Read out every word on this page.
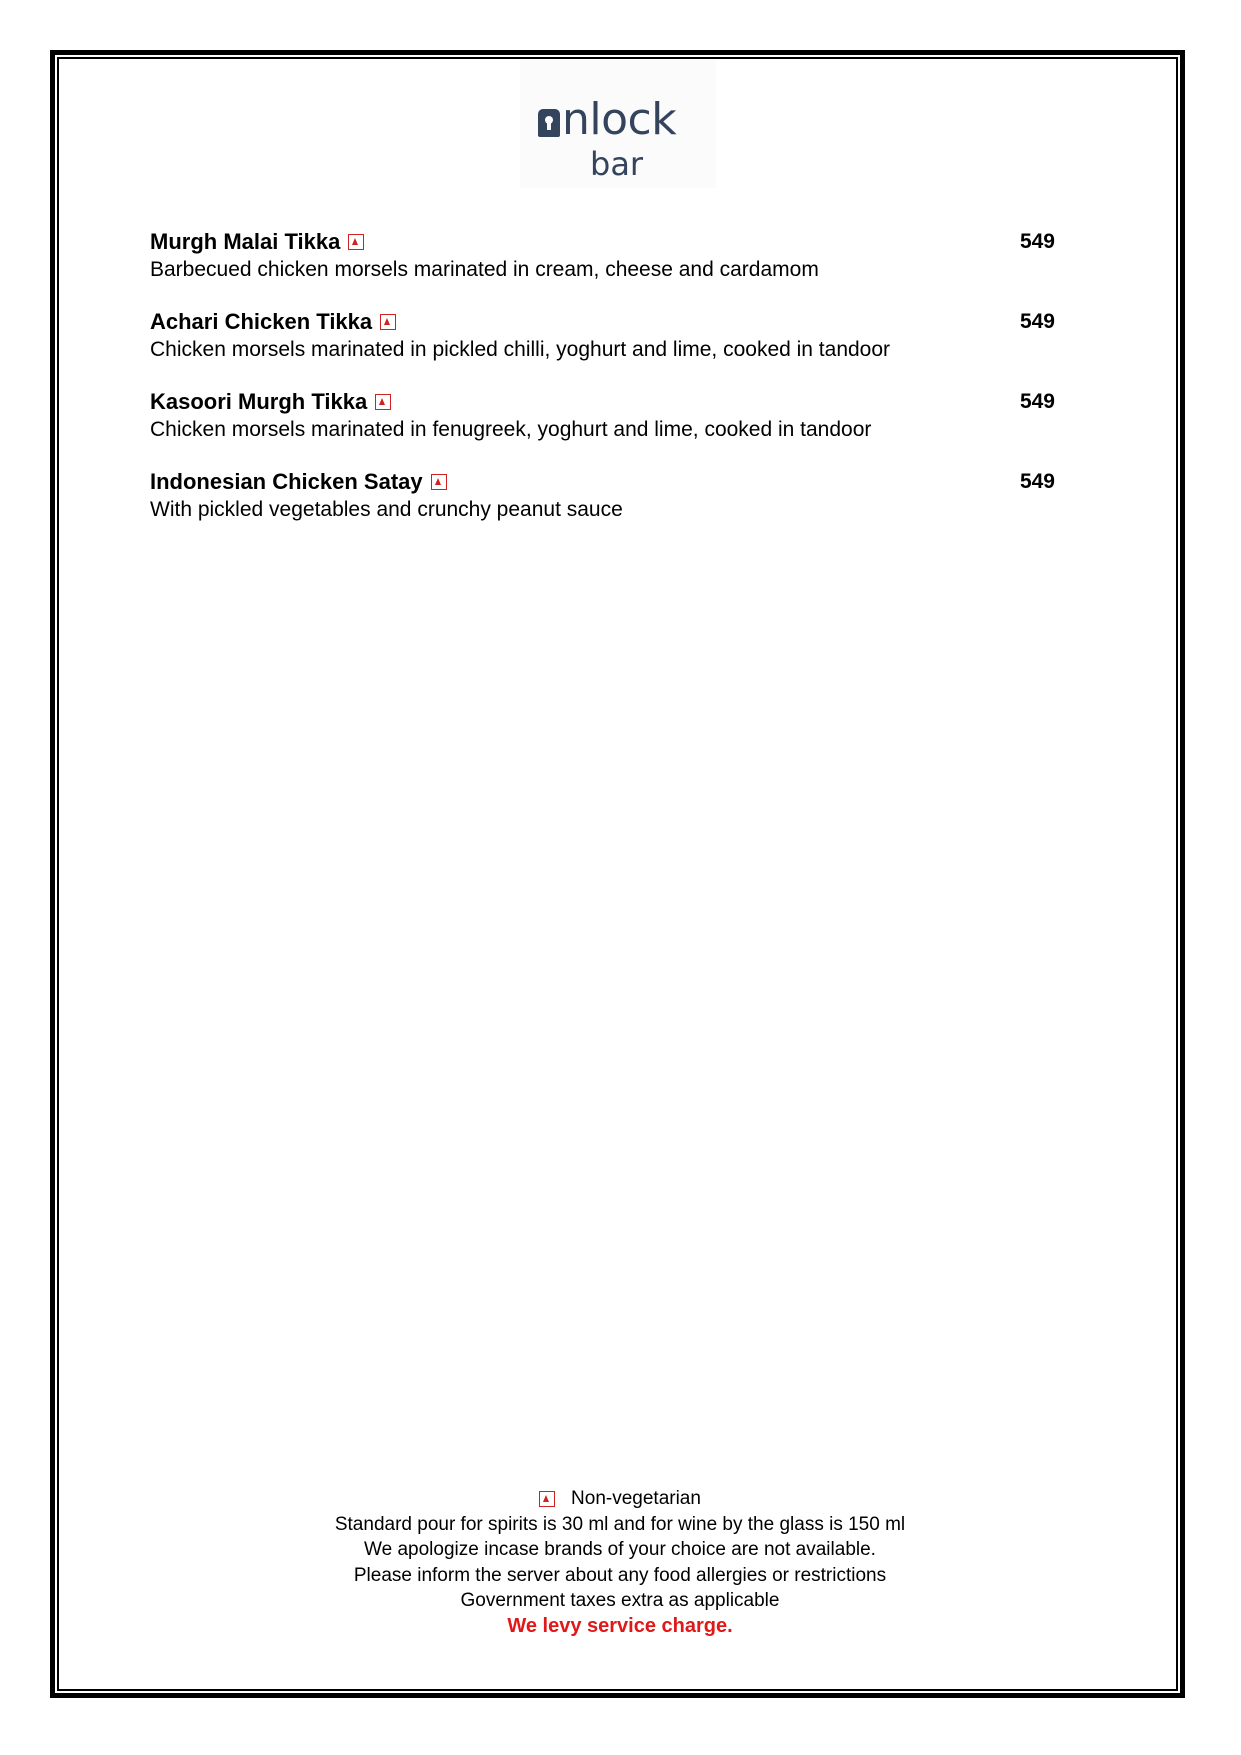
nlock
bar
Murgh Malai Tikka	549
Barbecued chicken morsels marinated in cream, cheese and cardamom
Achari Chicken Tikka	549
Chicken morsels marinated in pickled chilli, yoghurt and lime, cooked in tandoor
Kasoori Murgh Tikka	549
Chicken morsels marinated in fenugreek, yoghurt and lime, cooked in tandoor
Indonesian Chicken Satay	549
With pickled vegetables and crunchy peanut sauce
Non-vegetarian
Standard pour for spirits is 30 ml and for wine by the glass is 150 ml
We apologize incase brands of your choice are not available.
Please inform the server about any food allergies or restrictions
Government taxes extra as applicable
We levy service charge.
